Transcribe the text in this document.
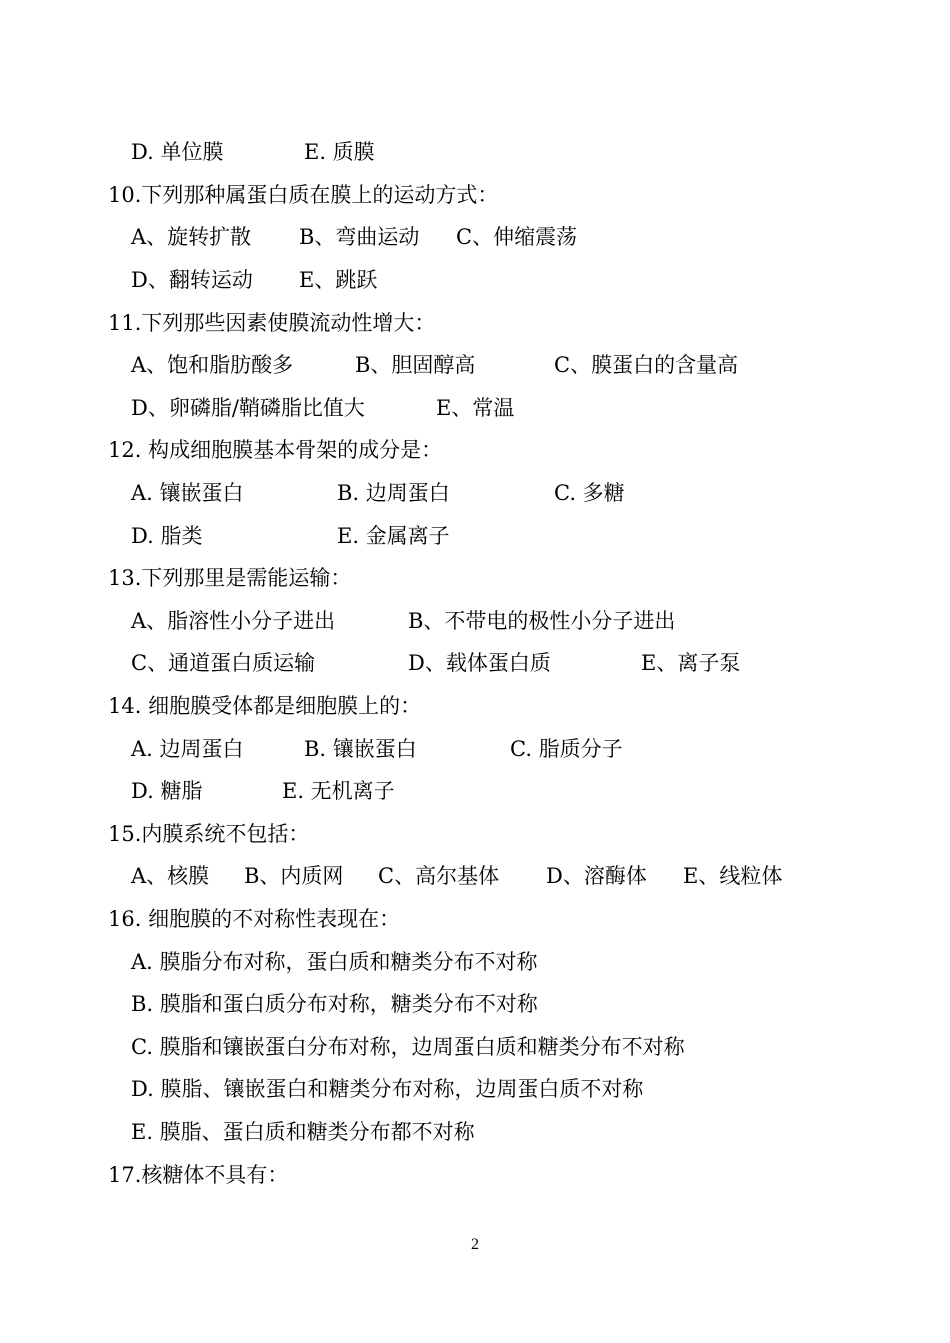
D. 单位膜	E. 质膜
10.下列那种属蛋白质在膜上的运动方式：
A、旋转扩散 B、弯曲运动 C、伸缩震荡
D、翻转运动 E、跳跃
11.下列那些因素使膜流动性增大：
A、饱和脂肪酸多	B、胆固醇高	C、膜蛋白的含量高
D、卵磷脂/鞘磷脂比值大	E、常温
12. 构成细胞膜基本骨架的成分是：
A. 镶嵌蛋白	B. 边周蛋白	C. 多糖
D. 脂类	E. 金属离子
13.下列那里是需能运输：
A、脂溶性小分子进出	B、不带电的极性小分子进出
C、通道蛋白质运输	D、载体蛋白质	E、离子泵
14. 细胞膜受体都是细胞膜上的：
A. 边周蛋白	B. 镶嵌蛋白	C. 脂质分子
D. 糖脂	E. 无机离子
15.内膜系统不包括：
A、核膜 B、内质网 C、高尔基体 D、溶酶体 E、线粒体
16. 细胞膜的不对称性表现在：
A. 膜脂分布对称，蛋白质和糖类分布不对称
B. 膜脂和蛋白质分布对称，糖类分布不对称
C. 膜脂和镶嵌蛋白分布对称，边周蛋白质和糖类分布不对称
D. 膜脂、镶嵌蛋白和糖类分布对称，边周蛋白质不对称
E. 膜脂、蛋白质和糖类分布都不对称
17.核糖体不具有：
2
